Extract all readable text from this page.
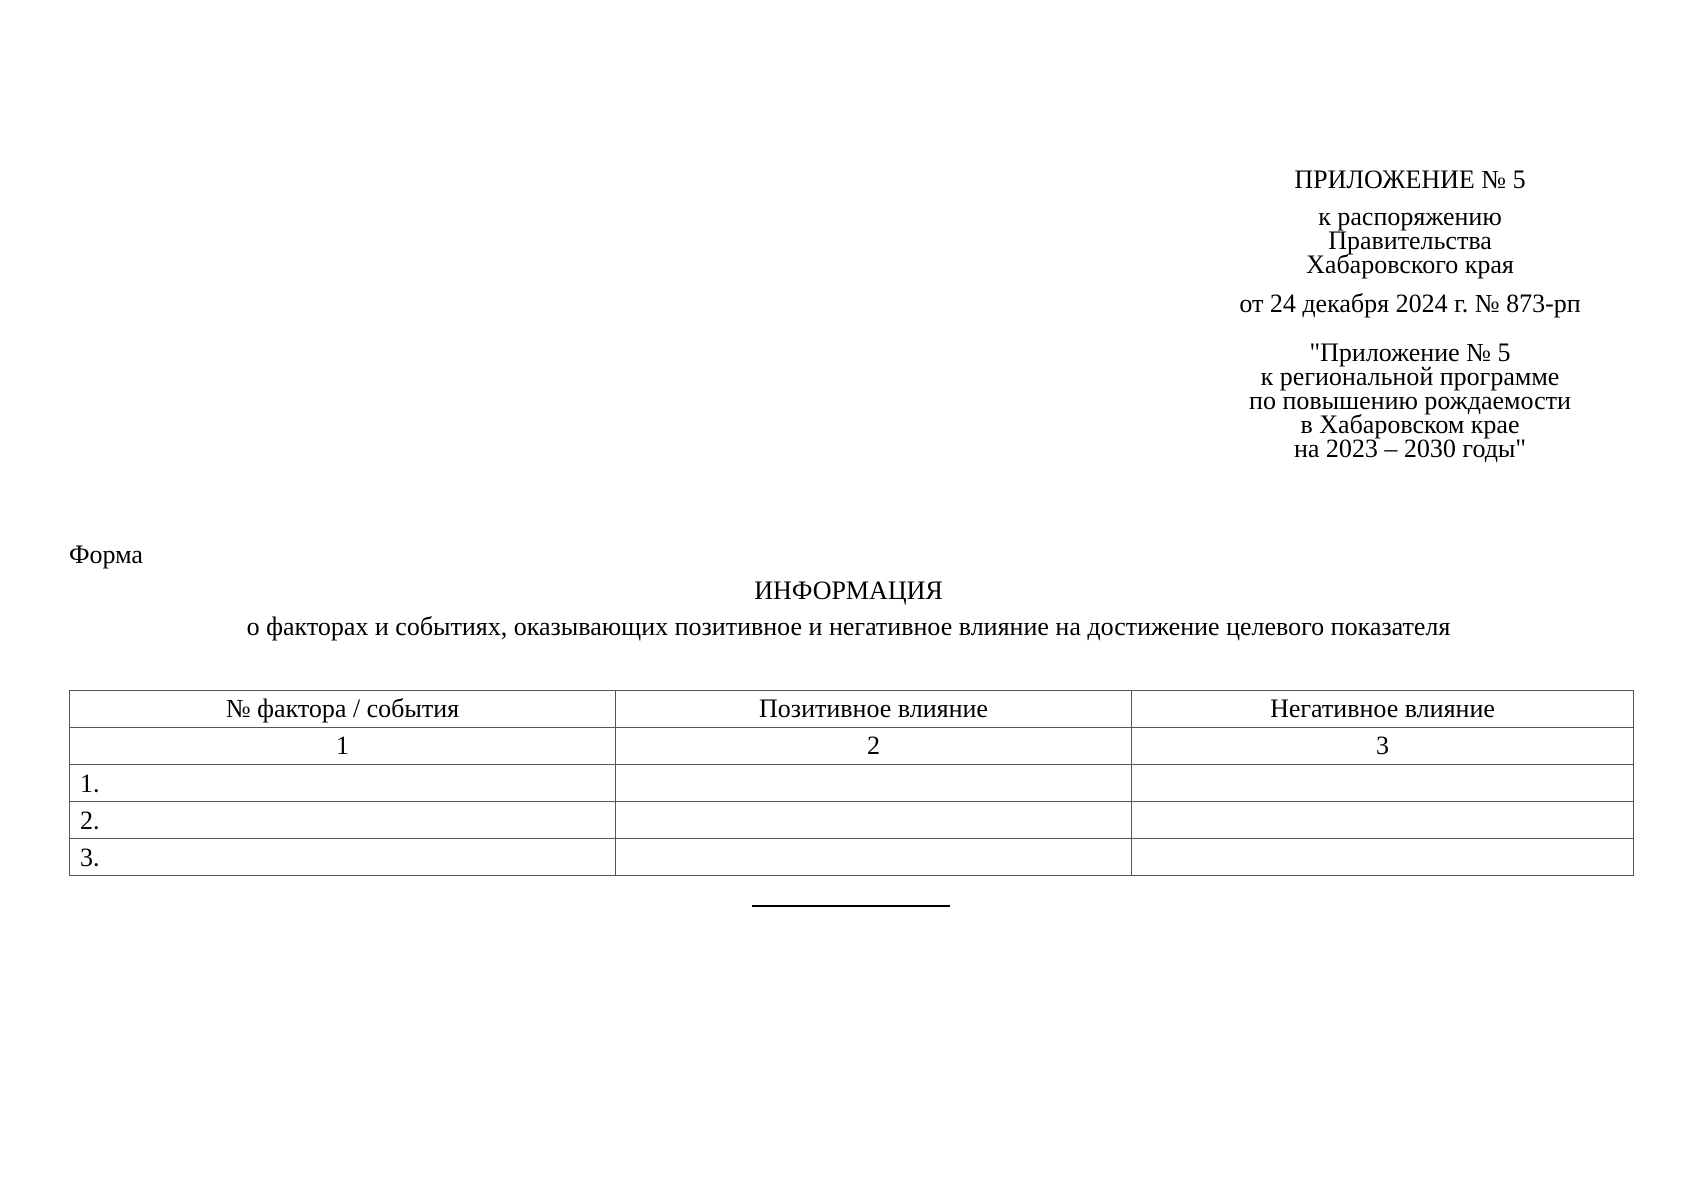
ПРИЛОЖЕНИЕ № 5
к распоряжению
Правительства
Хабаровского края
от 24 декабря 2024 г. № 873-рп
"Приложение № 5
к региональной программе
по повышению рождаемости
в Хабаровском крае
на 2023 – 2030 годы"
Форма
ИНФОРМАЦИЯ
о факторах и событиях, оказывающих позитивное и негативное влияние на достижение целевого показателя
№ фактора / события	Позитивное влияние	Негативное влияние
1	2	3
1.		
2.		
3.		
